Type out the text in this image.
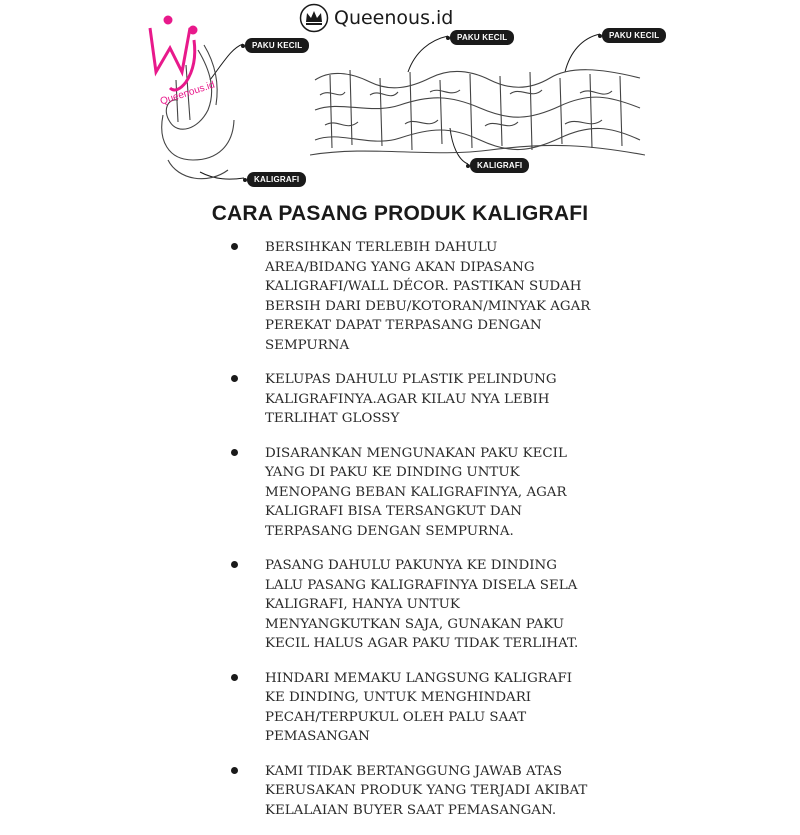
Queenous.id
Queenous.id
PAKU KECIL
KALIGRAFI
PAKU KECIL	PAKU KECIL
KALIGRAFI
CARA PASANG PRODUK KALIGRAFI
BERSIHKAN TERLEBIH DAHULU
AREA/BIDANG YANG AKAN DIPASANG
KALIGRAFI/WALL DÉCOR. PASTIKAN SUDAH
BERSIH DARI DEBU/KOTORAN/MINYAK AGAR
PEREKAT DAPAT TERPASANG DENGAN
SEMPURNA
KELUPAS DAHULU PLASTIK PELINDUNG
KALIGRAFINYA.AGAR KILAU NYA LEBIH
TERLIHAT GLOSSY
DISARANKAN MENGUNAKAN PAKU KECIL
YANG DI PAKU KE DINDING UNTUK
MENOPANG BEBAN KALIGRAFINYA, AGAR
KALIGRAFI BISA TERSANGKUT DAN
TERPASANG DENGAN SEMPURNA.
PASANG DAHULU PAKUNYA KE DINDING
LALU PASANG KALIGRAFINYA DISELA SELA
KALIGRAFI, HANYA UNTUK
MENYANGKUTKAN SAJA, GUNAKAN PAKU
KECIL HALUS AGAR PAKU TIDAK TERLIHAT.
HINDARI MEMAKU LANGSUNG KALIGRAFI
KE DINDING, UNTUK MENGHINDARI
PECAH/TERPUKUL OLEH PALU SAAT
PEMASANGAN
KAMI TIDAK BERTANGGUNG JAWAB ATAS
KERUSAKAN PRODUK YANG TERJADI AKIBAT
KELALAIAN BUYER SAAT PEMASANGAN.
